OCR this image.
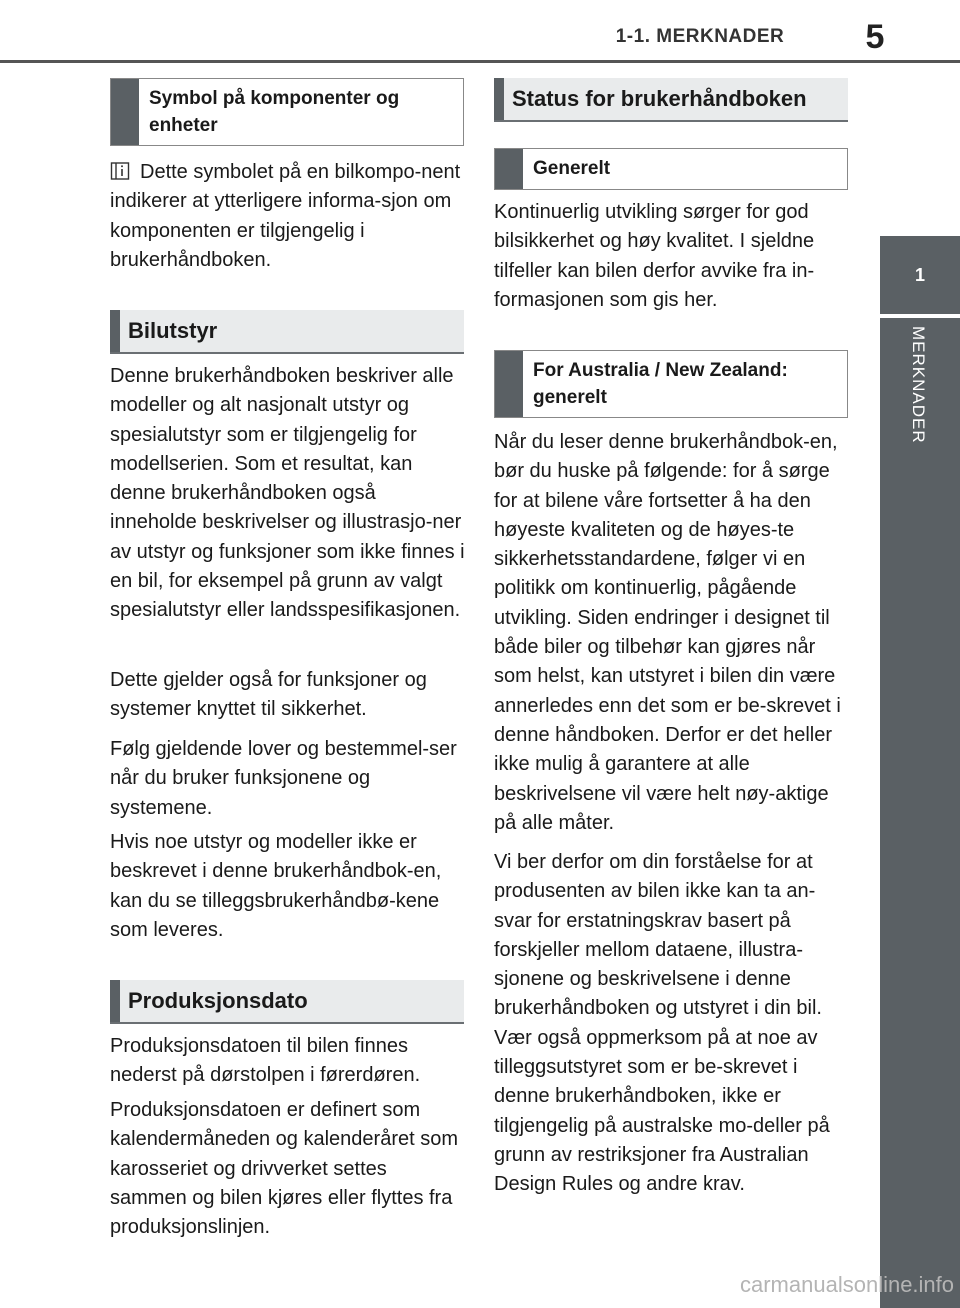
1-1. MERKNADER	5
1
MERKNADER
Symbol på komponenter og enheter
Dette symbolet på en bilkompo-nent indikerer at ytterligere informa-sjon om komponenten er tilgjengelig i brukerhåndboken.
Bilutstyr
Denne brukerhåndboken beskriver alle modeller og alt nasjonalt utstyr og spesialutstyr som er tilgjengelig for modellserien. Som et resultat, kan denne brukerhåndboken også inneholde beskrivelser og illustrasjo-ner av utstyr og funksjoner som ikke finnes i en bil, for eksempel på grunn av valgt spesialutstyr eller landsspesifikasjonen.
Dette gjelder også for funksjoner og systemer knyttet til sikkerhet.
Følg gjeldende lover og bestemmel-ser når du bruker funksjonene og systemene.
Hvis noe utstyr og modeller ikke er beskrevet i denne brukerhåndbok-en, kan du se tilleggsbrukerhåndbø-kene som leveres.
Produksjonsdato
Produksjonsdatoen til bilen finnes nederst på dørstolpen i førerdøren.
Produksjonsdatoen er definert som kalendermåneden og kalenderåret som karosseriet og drivverket settes sammen og bilen kjøres eller flyttes fra produksjonslinjen.
Status for brukerhåndboken
Generelt
Kontinuerlig utvikling sørger for god bilsikkerhet og høy kvalitet. I sjeldne tilfeller kan bilen derfor avvike fra in-formasjonen som gis her.
For Australia / New Zealand: generelt
Når du leser denne brukerhåndbok-en, bør du huske på følgende: for å sørge for at bilene våre fortsetter å ha den høyeste kvaliteten og de høyes-te sikkerhetsstandardene, følger vi en politikk om kontinuerlig, pågående utvikling. Siden endringer i designet til både biler og tilbehør kan gjøres når som helst, kan utstyret i bilen din være annerledes enn det som er be-skrevet i denne håndboken. Derfor er det heller ikke mulig å garantere at alle beskrivelsene vil være helt nøy-aktige på alle måter.
Vi ber derfor om din forståelse for at produsenten av bilen ikke kan ta an-svar for erstatningskrav basert på forskjeller mellom dataene, illustra-sjonene og beskrivelsene i denne brukerhåndboken og utstyret i din bil. Vær også oppmerksom på at noe av tilleggsutstyret som er be-skrevet i denne brukerhåndboken, ikke er tilgjengelig på australske mo-deller på grunn av restriksjoner fra Australian Design Rules og andre krav.
carmanualsonline.info
